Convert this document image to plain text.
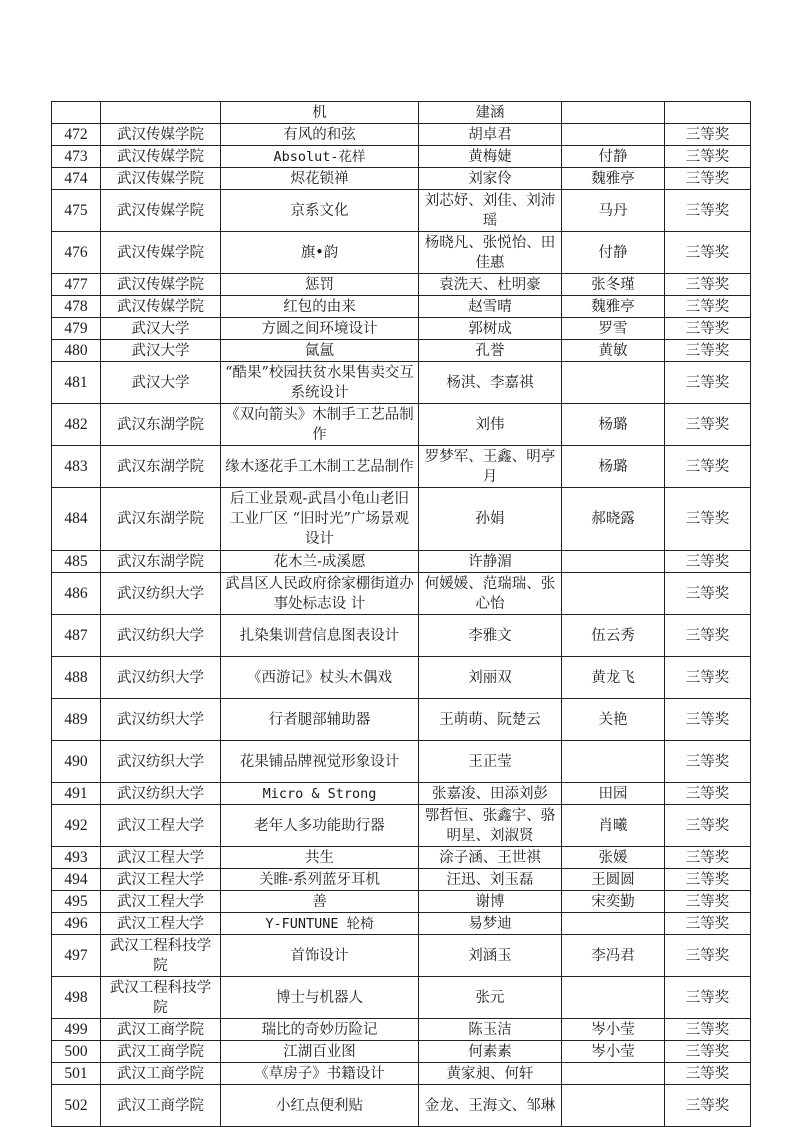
		机	建涵		
472	武汉传媒学院	有风的和弦	胡卓君		三等奖
473	武汉传媒学院	Absolut-花样	黄梅婕	付静	三等奖
474	武汉传媒学院	烬花锁禅	刘家伶	魏雅亭	三等奖
475	武汉传媒学院	京系文化	刘芯妤、刘佳、刘沛瑶	马丹	三等奖
476	武汉传媒学院	旗•韵	杨晓凡、张悦怡、田佳惠	付静	三等奖
477	武汉传媒学院	惩罚	袁洗天、杜明豪	张冬瑾	三等奖
478	武汉传媒学院	红包的由来	赵雪晴	魏雅亭	三等奖
479	武汉大学	方圆之间环境设计	郭树成	罗雪	三等奖
480	武汉大学	氤氲	孔誉	黄敏	三等奖
481	武汉大学	“酷果”校园扶贫水果售卖交互系统设计	杨淇、李嘉祺		三等奖
482	武汉东湖学院	《双向箭头》木制手工艺品制作	刘伟	杨璐	三等奖
483	武汉东湖学院	缘木逐花手工木制工艺品制作	罗梦军、王鑫、明亭月	杨璐	三等奖
484	武汉东湖学院	后工业景观-武昌小龟山老旧工业厂区 “旧时光”广场景观 设计	孙娟	郝晓露	三等奖
485	武汉东湖学院	花木兰-成溪愿	许静湄		三等奖
486	武汉纺织大学	武昌区人民政府徐家棚街道办事处标志设 计	何媛媛、范瑞瑞、张心怡		三等奖
487	武汉纺织大学	扎染集训营信息图表设计	李雅文	伍云秀	三等奖
488	武汉纺织大学	《西游记》杖头木偶戏	刘丽双	黄龙飞	三等奖
489	武汉纺织大学	行者腿部辅助器	王萌萌、阮楚云	关艳	三等奖
490	武汉纺织大学	花果铺品牌视觉形象设计	王正莹		三等奖
491	武汉纺织大学	Micro & Strong	张嘉浚、田添刘彭	田园	三等奖
492	武汉工程大学	老年人多功能助行器	鄂哲恒、张鑫宇、骆明星、刘淑贤	肖曦	三等奖
493	武汉工程大学	共生	涂子涵、王世祺	张媛	三等奖
494	武汉工程大学	关睢-系列蓝牙耳机	汪迅、刘玉磊	王圆圆	三等奖
495	武汉工程大学	善	谢博	宋奕勤	三等奖
496	武汉工程大学	Y-FUNTUNE 轮椅	易梦迪		三等奖
497	武汉工程科技学院	首饰设计	刘涵玉	李冯君	三等奖
498	武汉工程科技学院	博士与机器人	张元		三等奖
499	武汉工商学院	瑞比的奇妙历险记	陈玉洁	岑小莹	三等奖
500	武汉工商学院	江湖百业图	何素素	岑小莹	三等奖
501	武汉工商学院	《草房子》书籍设计	黄家昶、何轩		三等奖
502	武汉工商学院	小红点便利贴	金龙、王海文、邹琳		三等奖
